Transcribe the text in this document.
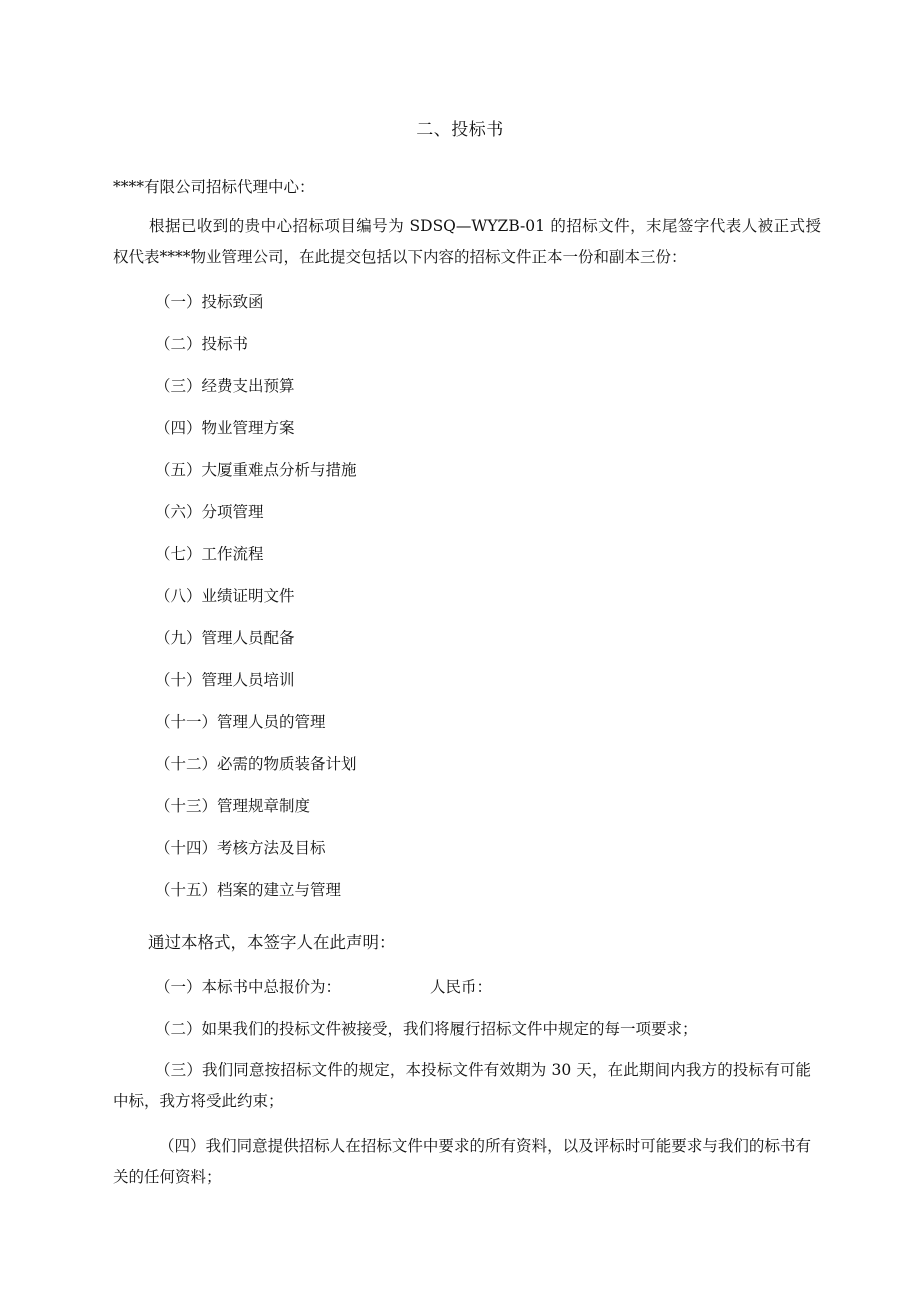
二、投标书
****有限公司招标代理中心：
根据已收到的贵中心招标项目编号为 SDSQ—WYZB-01 的招标文件，末尾签字代表人被正式授权代表****物业管理公司，在此提交包括以下内容的招标文件正本一份和副本三份：
（一）投标致函
（二）投标书
（三）经费支出预算
（四）物业管理方案
（五）大厦重难点分析与措施
（六）分项管理
（七）工作流程
（八）业绩证明文件
（九）管理人员配备
（十）管理人员培训
（十一）管理人员的管理
（十二）必需的物质装备计划
（十三）管理规章制度
（十四）考核方法及目标
（十五）档案的建立与管理
通过本格式，本签字人在此声明：
（一）本标书中总报价为：	人民币：
（二）如果我们的投标文件被接受，我们将履行招标文件中规定的每一项要求；
（三）我们同意按招标文件的规定，本投标文件有效期为 30 天，在此期间内我方的投标有可能中标，我方将受此约束；
（四）我们同意提供招标人在招标文件中要求的所有资料，以及评标时可能要求与我们的标书有关的任何资料；
